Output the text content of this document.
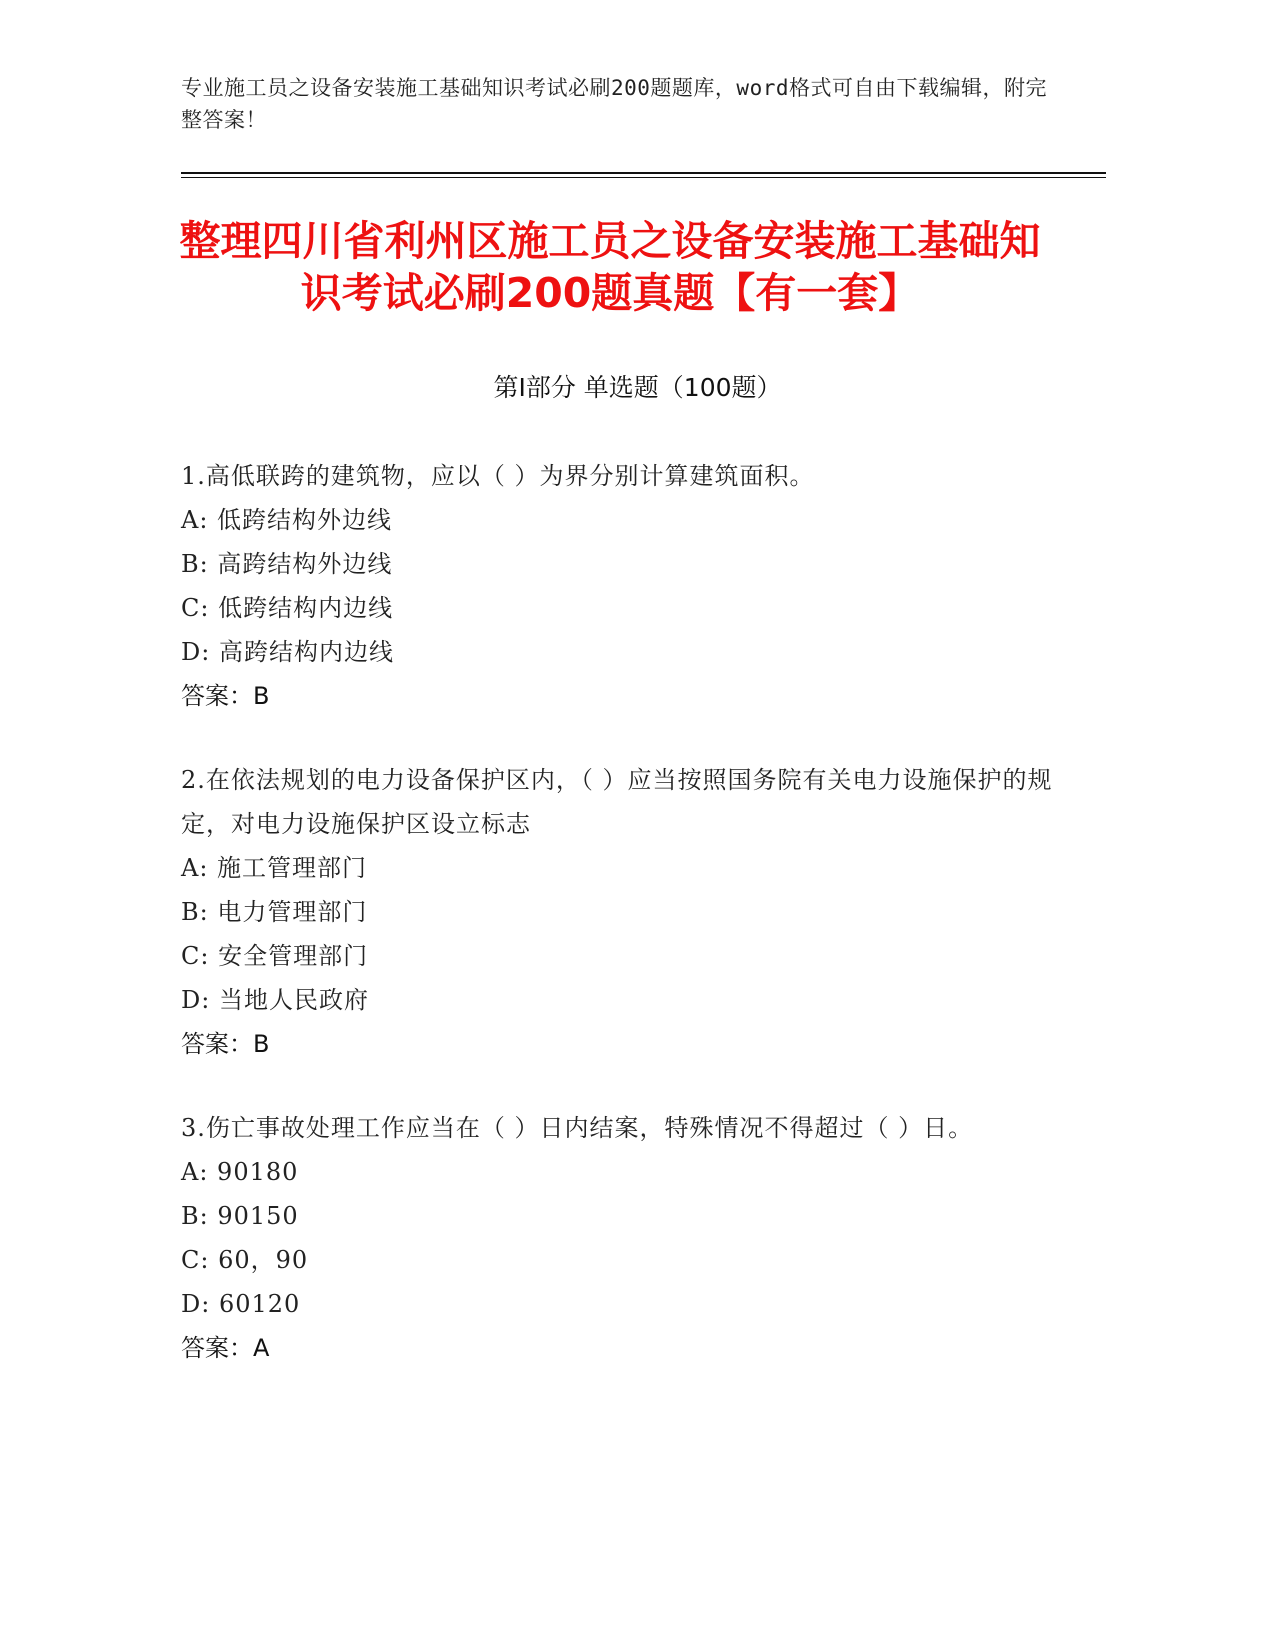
专业施工员之设备安装施工基础知识考试必刷200题题库，word格式可自由下载编辑，附完整答案！
整理四川省利州区施工员之设备安装施工基础知识考试必刷200题真题【有一套】
第I部分 单选题（100题）
1.高低联跨的建筑物，应以（ ）为界分别计算建筑面积。
A: 低跨结构外边线
B: 高跨结构外边线
C: 低跨结构内边线
D: 高跨结构内边线
答案：B
2.在依法规划的电力设备保护区内，（ ）应当按照国务院有关电力设施保护的规定，对电力设施保护区设立标志
A: 施工管理部门
B: 电力管理部门
C: 安全管理部门
D: 当地人民政府
答案：B
3.伤亡事故处理工作应当在（ ）日内结案，特殊情况不得超过（ ）日。
A: 90180
B: 90150
C: 60，90
D: 60120
答案：A
